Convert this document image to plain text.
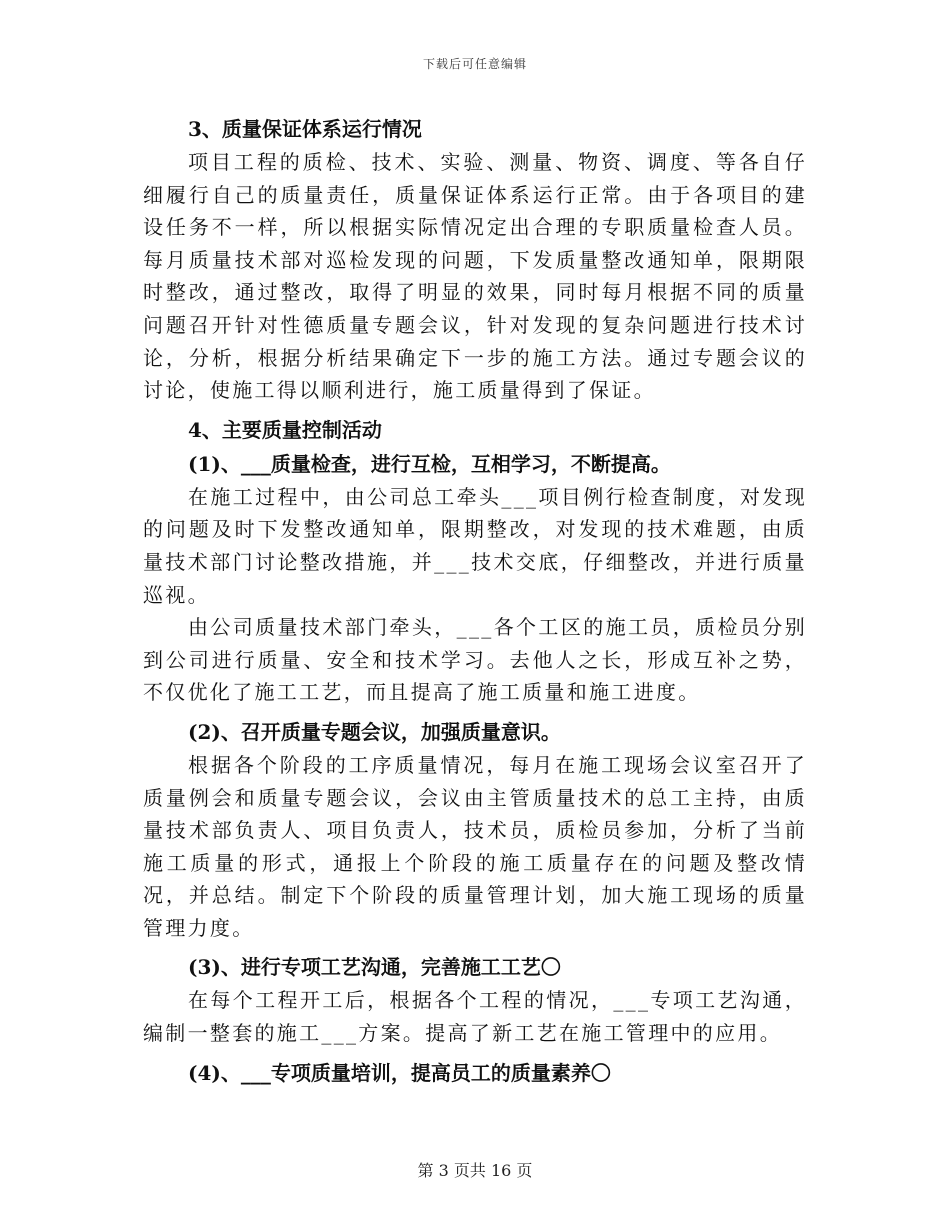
下载后可任意编辑
3、质量保证体系运行情况
项目工程的质检、技术、实验、测量、物资、调度、等各自仔细履行自己的质量责任，质量保证体系运行正常。由于各项目的建设任务不一样，所以根据实际情况定出合理的专职质量检查人员。每月质量技术部对巡检发现的问题，下发质量整改通知单，限期限时整改，通过整改，取得了明显的效果，同时每月根据不同的质量问题召开针对性德质量专题会议，针对发现的复杂问题进行技术讨论，分析，根据分析结果确定下一步的施工方法。通过专题会议的讨论，使施工得以顺利进行，施工质量得到了保证。
4、主要质量控制活动
(1)、___质量检查，进行互检，互相学习，不断提高。
在施工过程中，由公司总工牵头___项目例行检查制度，对发现的问题及时下发整改通知单，限期整改，对发现的技术难题，由质量技术部门讨论整改措施，并___技术交底，仔细整改，并进行质量巡视。
由公司质量技术部门牵头，___各个工区的施工员，质检员分别到公司进行质量、安全和技术学习。去他人之长，形成互补之势，不仅优化了施工工艺，而且提高了施工质量和施工进度。
(2)、召开质量专题会议，加强质量意识。
根据各个阶段的工序质量情况，每月在施工现场会议室召开了质量例会和质量专题会议，会议由主管质量技术的总工主持，由质量技术部负责人、项目负责人，技术员，质检员参加，分析了当前施工质量的形式，通报上个阶段的施工质量存在的问题及整改情况，并总结。制定下个阶段的质量管理计划，加大施工现场的质量管理力度。
(3)、进行专项工艺沟通，完善施工工艺〇
在每个工程开工后，根据各个工程的情况，___专项工艺沟通，编制一整套的施工___方案。提高了新工艺在施工管理中的应用。
(4)、___专项质量培训，提高员工的质量素养〇
第 3 页共 16 页
